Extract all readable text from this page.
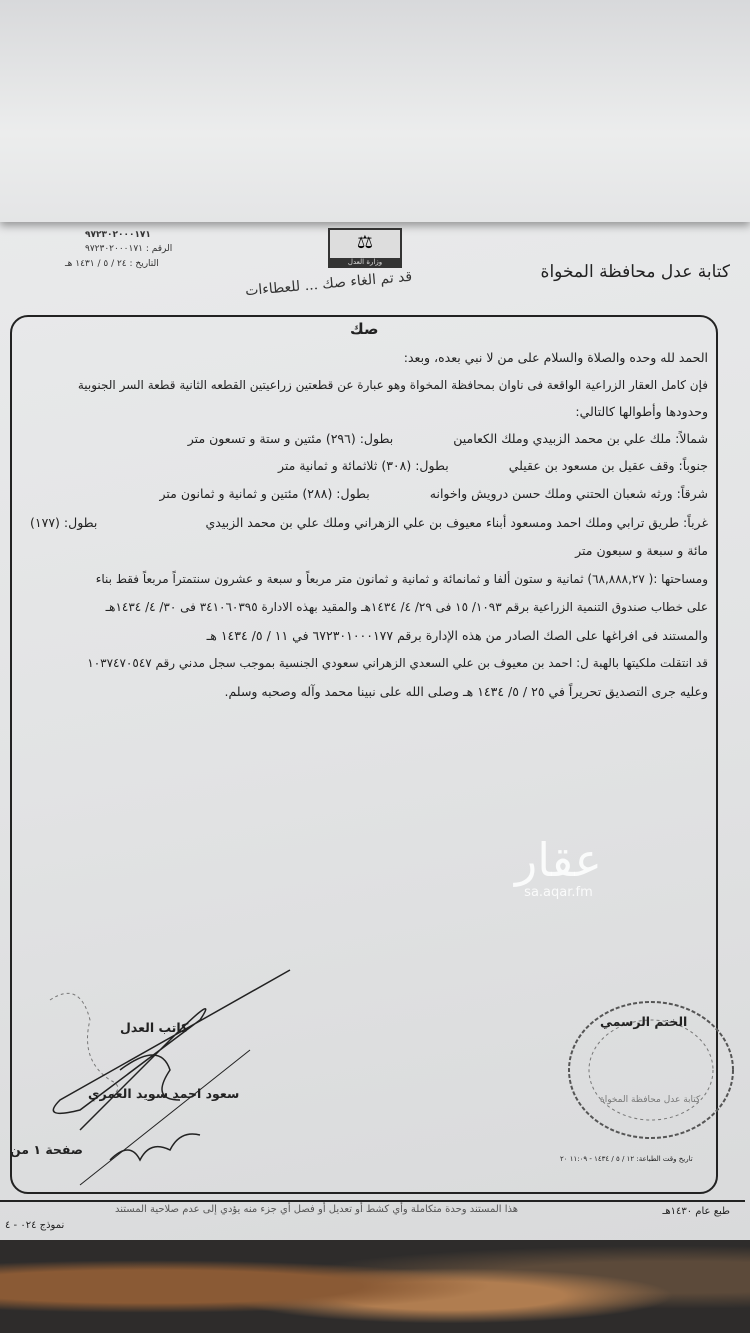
٩٧٢٣٠٢٠٠٠١٧١
الرقم : ٩٧٢٣٠٢٠٠٠١٧١
التاريخ : ٢٤ / ٥ / ١٤٣١ هـ
⚖
وزارة العدل
قد تم الغاء صك ... للعطاءات	كتابة عدل محافظة المخواة
صك
الحمد لله وحده والصلاة والسلام على من لا نبي بعده، وبعد:
فإن كامل العقار الزراعية الواقعة فى ناوان بمحافظة المخواة وهو عبارة عن قطعتين زراعيتين القطعه الثانية قطعة السر الجنوبية
وحدودها وأطوالها كالتالي:
شمالاً: ملك علي بن محمد الزبيدي وملك الكعامين
بطول: (٢٩٦) مئتين و ستة و تسعون متر
جنوباً: وقف عقيل بن مسعود بن عقيلي
بطول: (٣٠٨) ثلاثمائة و ثمانية متر
شرقاً: ورثه شعبان الحتني وملك حسن درويش واخوانه
بطول: (٢٨٨) مئتين و ثمانية و ثمانون متر
غرباً: طريق ترابي وملك احمد ومسعود أبناء معيوف بن علي الزهراني وملك علي بن محمد الزبيدي
بطول: (١٧٧)
مائة و سبعة و سبعون متر
ومساحتها :( ٦٨,٨٨٨,٢٧) ثمانية و ستون ألفا و ثمانمائة و ثمانية و ثمانون متر مربعاً و سبعة و عشرون سنتمتراً مربعاً فقط بناء
على خطاب صندوق التنمية الزراعية برقم ١٠٩٣/ ١٥ فى ٢٩/ ٤/ ١٤٣٤هـ والمقيد بهذه الادارة ٣٤١٠٦٠٣٩٥ فى ٣٠/ ٤/ ١٤٣٤هـ
والمستند فى افراغها على الصك الصادر من هذه الإدارة برقم ٦٧٢٣٠١٠٠٠١٧٧ في ١١ / ٥/ ١٤٣٤ هـ
قد انتقلت ملكيتها بالهبة ل: احمد بن معيوف بن علي السعدي الزهراني سعودي الجنسية بموجب سجل مدني رقم ١٠٣٧٤٧٠٥٤٧
وعليه جرى التصديق تحريراً في ٢٥ / ٥/ ١٤٣٤ هـ وصلى الله على نبينا محمد وآله وصحبه وسلم.
عقار
sa.aqar.fm
كاتب العدل
سعود احمد سويد العمري
صفحة ١ من
الختم الرسمي
كتابة عدل محافظة المخواة
تاريخ وقت الطباعة: ١٢ / ٥ / ١٤٣٤ - ١١:٠٩ ٢٠
هذا المستند وحدة متكاملة وأي كشط أو تعديل أو فصل أي جزء منه يؤدي إلى عدم صلاحية المستند	طبع عام ١٤٣٠هـ
نموذج ٠٢٤ - ٤
